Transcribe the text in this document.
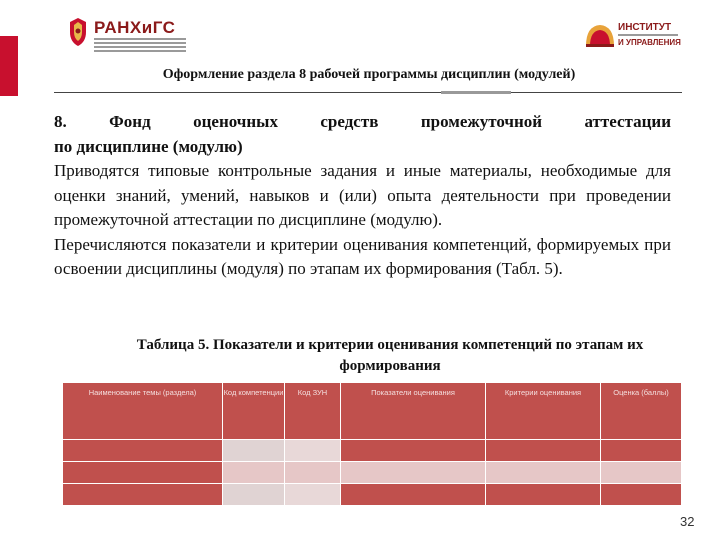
РАНХиГС	ИНСТИТУТ
И УПРАВЛЕНИЯ
Оформление раздела 8 рабочей программы дисциплин (модулей)

8. Фонд оценочных средств промежуточной аттестации

по дисциплине (модулю)

Приводятся типовые контрольные задания и иные материалы, необходимые для оценки знаний, умений, навыков и (или) опыта деятельности при проведении промежуточной аттестации по дисциплине (модулю).

Перечисляются показатели и критерии оценивания компетенций, формируемых при освоении дисциплины (модуля) по этапам их формирования (Табл. 5).

Таблица 5. Показатели и критерии оценивания компетенций по этапам их формирования
Наименование темы (раздела)	Код компетенции	Код ЗУН	Показатели оценивания	Критерии оценивания	Оценка (баллы)

32
